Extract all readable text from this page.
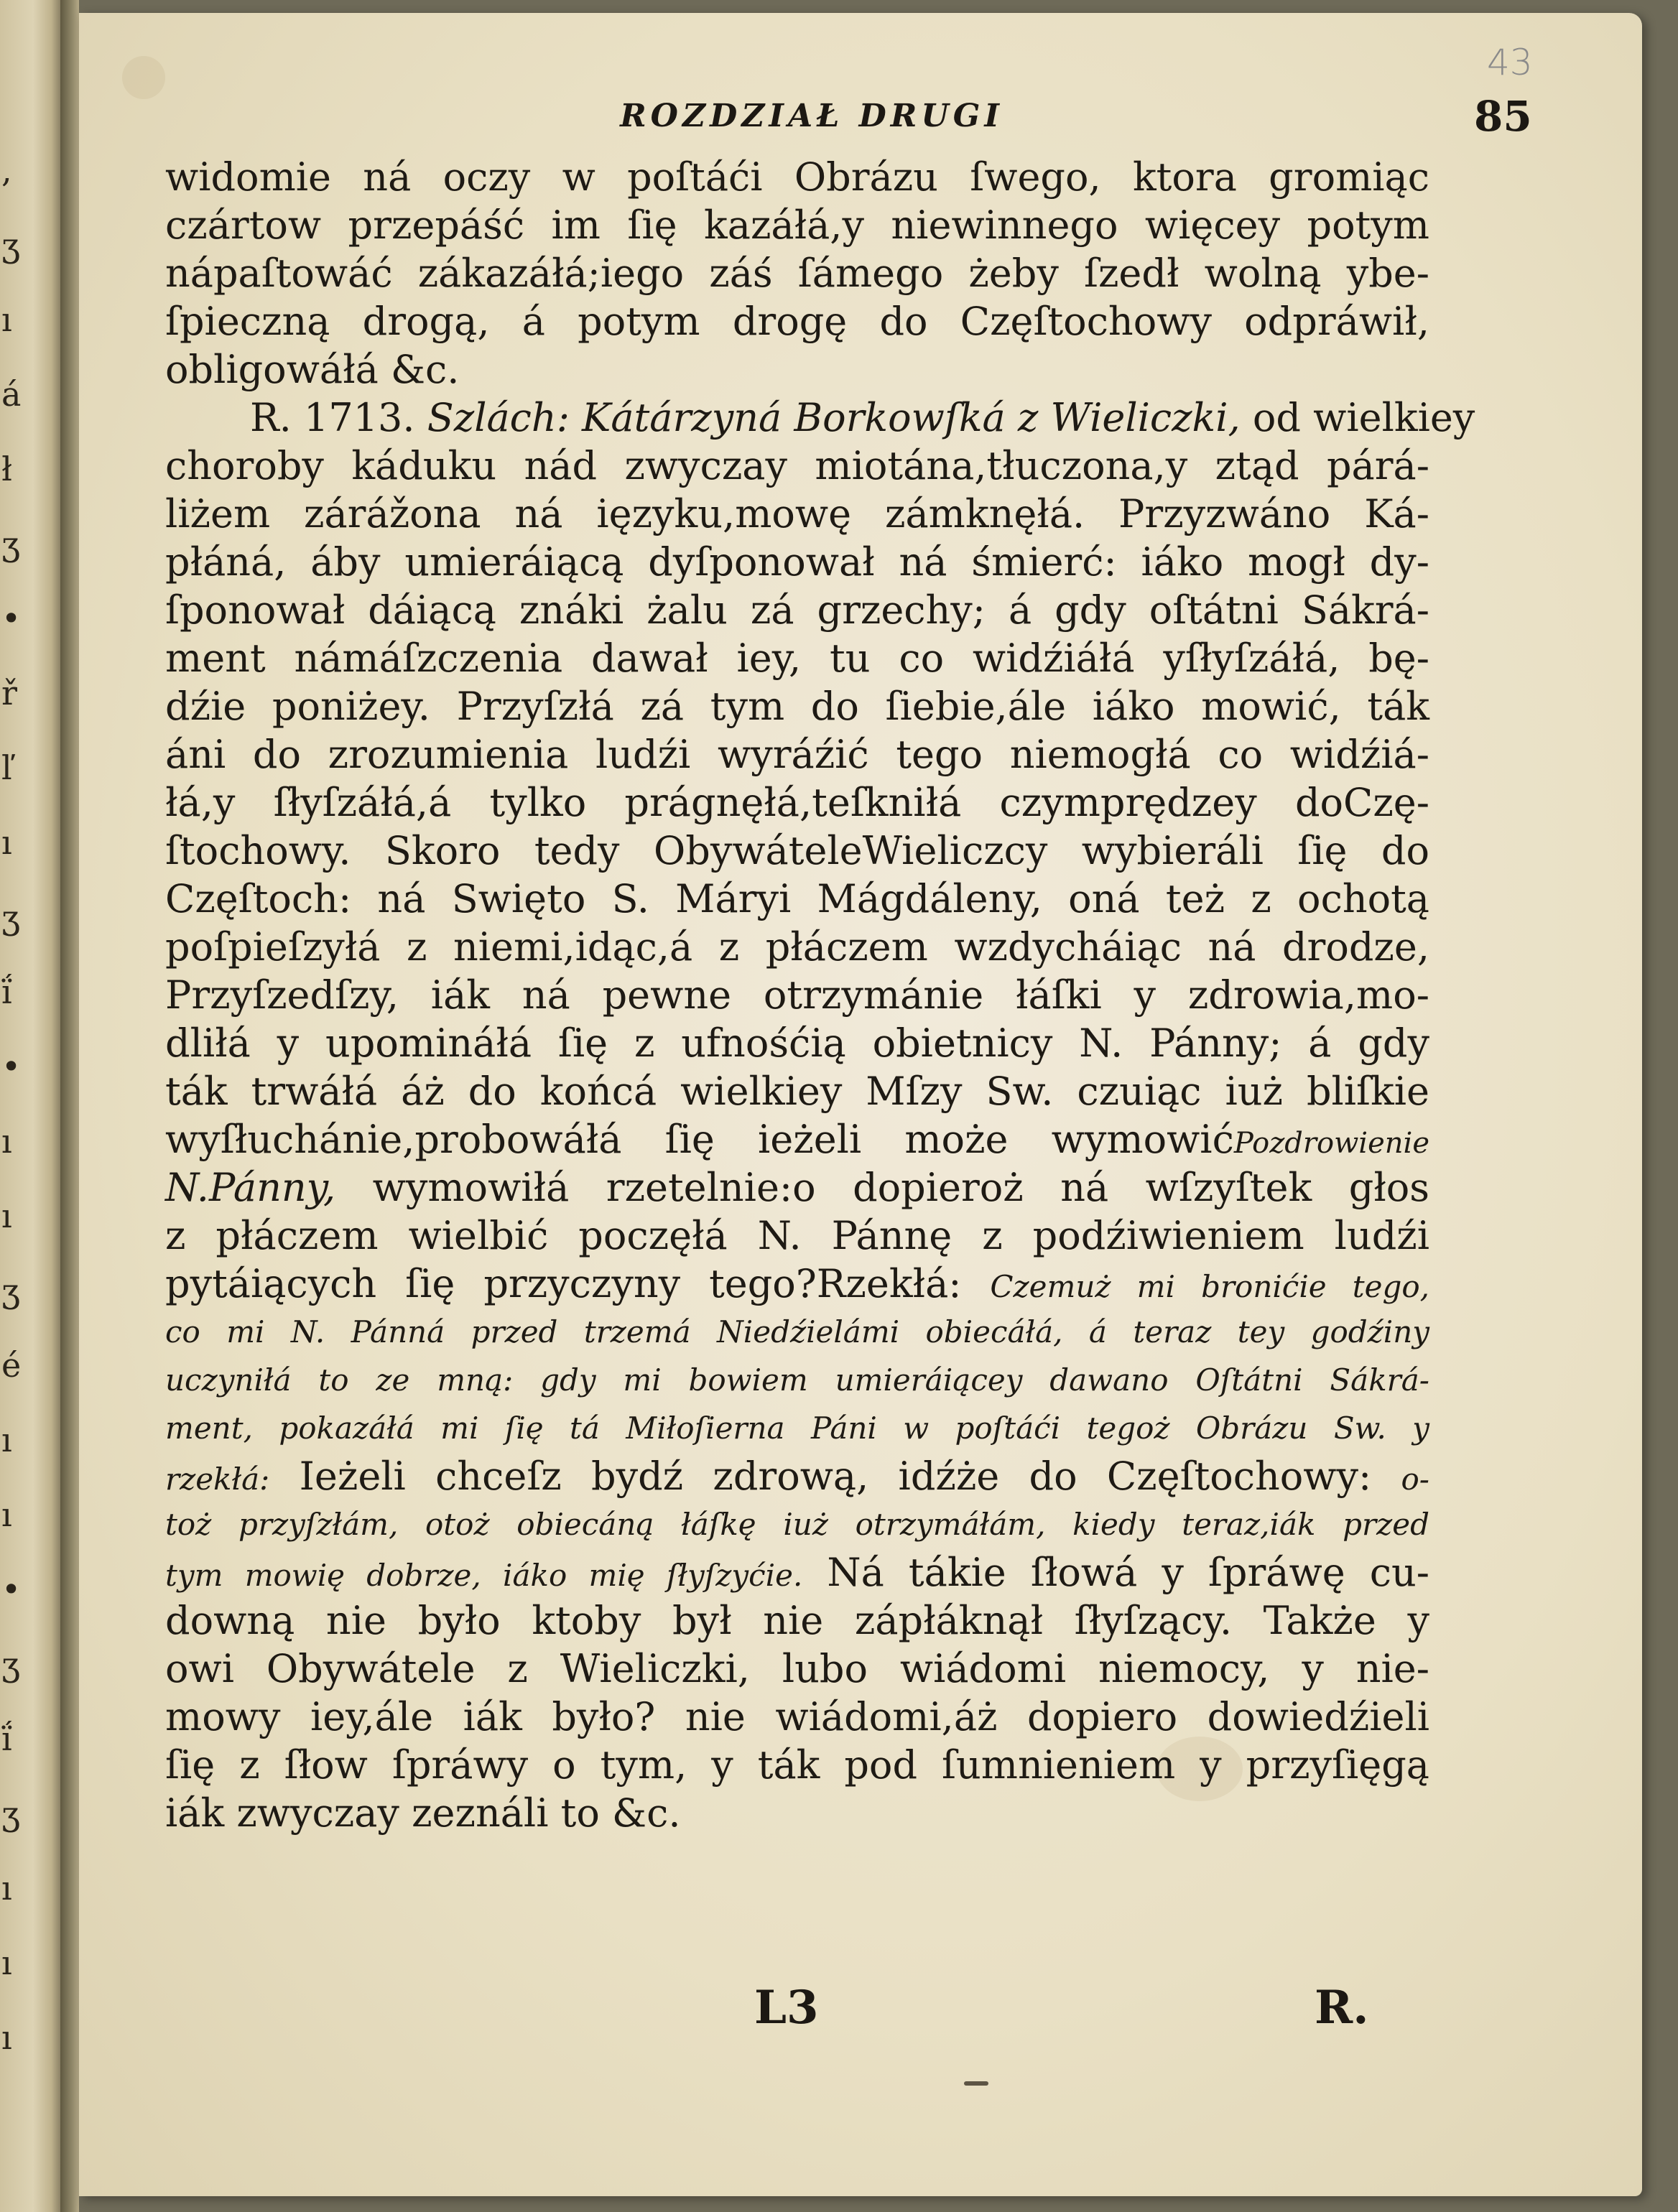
,
ʒ
ı
á
ł
ʒ
•
ř
ľ
ı
ʒ
ḯ
•
ı
ı
ʒ
é
ı
ı
•
ʒ
ḯ
ʒ
ı
ı
ı
43
ROZDZIAŁ DRUGI	85
widomie ná oczy w poſtáći Obrázu ſwego, ktora gromiąc
czártow przepáść im ſię kazáłá,y niewinnego więcey potym
nápaſtowáć zákazáłá;iego záś ſámego żeby ſzedł wolną ybe-
ſpieczną drogą, á potym drogę do Częſtochowy odpráwił,
obligowáłá &c.
R. 1713. Szlách: Kátárzyná Borkowſká z Wieliczki, od wielkiey
choroby káduku nád zwyczay miotána,tłuczona,y ztąd párá-
liżem zárážona ná ięzyku,mowę zámknęłá. Przyzwáno Ká-
płáná, áby umieráiącą dyſponował ná śmierć: iáko mogł dy-
ſponował dáiącą znáki żalu zá grzechy; á gdy oſtátni Sákrá-
ment námáſzczenia dawał iey, tu co widźiáłá yſłyſzáłá, bę-
dźie poniżey. Przyſzłá zá tym do ſiebie,ále iáko mowić, ták
áni do zrozumienia ludźi wyráźić tego niemogłá co widźiá-
łá,y ſłyſzáłá,á tylko prágnęłá,teſkniłá czymprędzey doCzę-
ſtochowy. Skoro tedy ObywáteleWieliczcy wybieráli ſię do
Częſtoch: ná Swięto S. Máryi Mágdáleny, oná też z ochotą
poſpieſzyłá z niemi,idąc,á z płáczem wzdycháiąc ná drodze,
Przyſzedſzy, iák ná pewne otrzymánie łáſki y zdrowia,mo-
dliłá y upomináłá ſię z ufnośćią obietnicy N. Pánny; á gdy
ták trwáłá áż do końcá wielkiey Mſzy Sw. czuiąc iuż bliſkie
wyſłuchánie,probowáłá ſię ieżeli może wymowićPozdrowienie
N.Pánny, wymowiłá rzetelnie:o dopieroż ná wſzyſtek głos
z płáczem wielbić poczęłá N. Pánnę z podźiwieniem ludźi
pytáiących ſię przyczyny tego?Rzekłá: Czemuż mi bronićie tego,
co mi N. Pánná przed trzemá Niedźielámi obiecáłá, á teraz tey godźiny
uczyniłá to ze mną: gdy mi bowiem umieráiącey dawano Oſtátni Sákrá-
ment, pokazáłá mi ſię tá Miłoſierna Páni w poſtáći tegoż Obrázu Sw. y
rzekłá: Ieżeli chceſz bydź zdrową, idźże do Częſtochowy: o-
toż przyſzłám, otoż obiecáną łáſkę iuż otrzymáłám, kiedy teraz,iák przed
tym mowię dobrze, iáko mię ſłyſzyćie. Ná tákie ſłowá y ſpráwę cu-
downą nie było ktoby był nie zápłáknął ſłyſzący. Także y
owi Obywátele z Wieliczki, lubo wiádomi niemocy, y nie-
mowy iey,ále iák było? nie wiádomi,áż dopiero dowiedźieli
ſię z ſłow ſpráwy o tym, y ták pod ſumnieniem y przyſięgą
iák zwyczay zeználi to &c.
L3	R.
